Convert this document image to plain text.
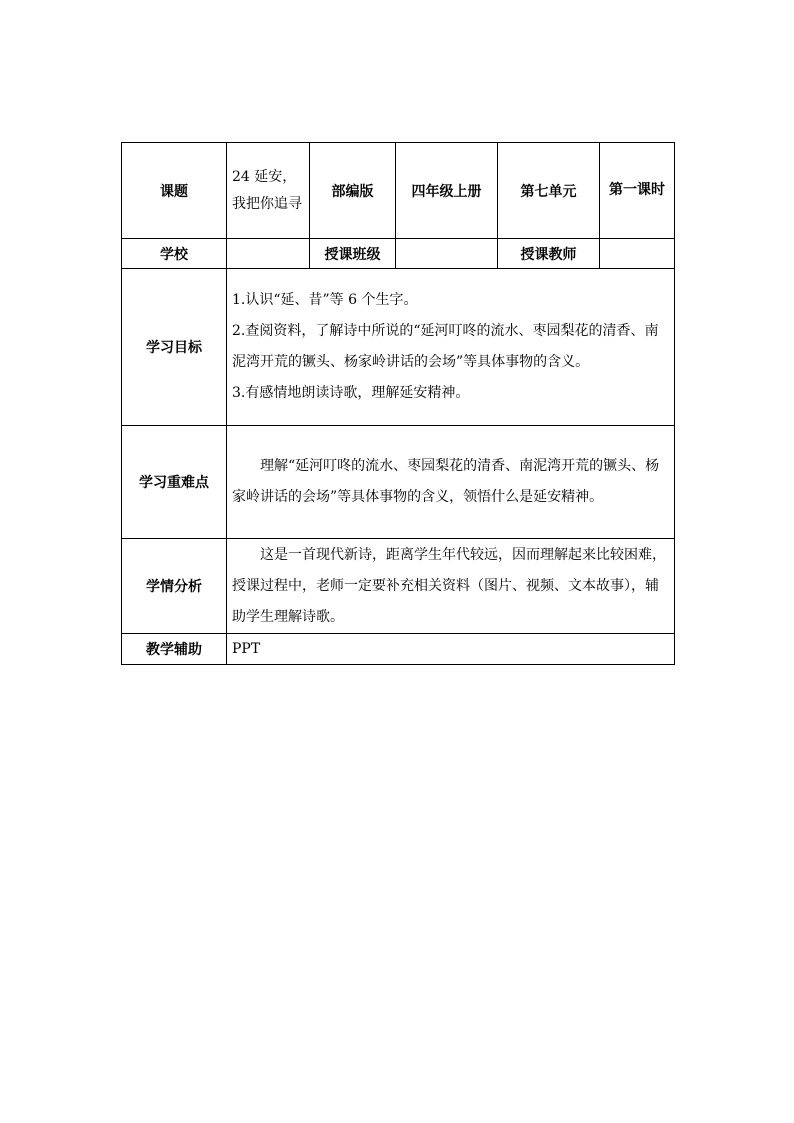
课题	24 延安，我把你追寻	部编版	四年级上册	第七单元	第一课时
学校		授课班级		授课教师	
学习目标	1.认识“延、昔”等 6 个生字。
2.查阅资料，了解诗中所说的“延河叮咚的流水、枣园梨花的清香、南泥湾开荒的镢头、杨家岭讲话的会场”等具体事物的含义。
3.有感情地朗读诗歌，理解延安精神。				

学习重难点	理解“延河叮咚的流水、枣园梨花的清香、南泥湾开荒的镢头、杨家岭讲话的会场”等具体事物的含义，领悟什么是延安精神。				
学情分析	这是一首现代新诗，距离学生年代较远，因而理解起来比较困难，授课过程中，老师一定要补充相关资料（图片、视频、文本故事），辅助学生理解诗歌。				
教学辅助	PPT				
